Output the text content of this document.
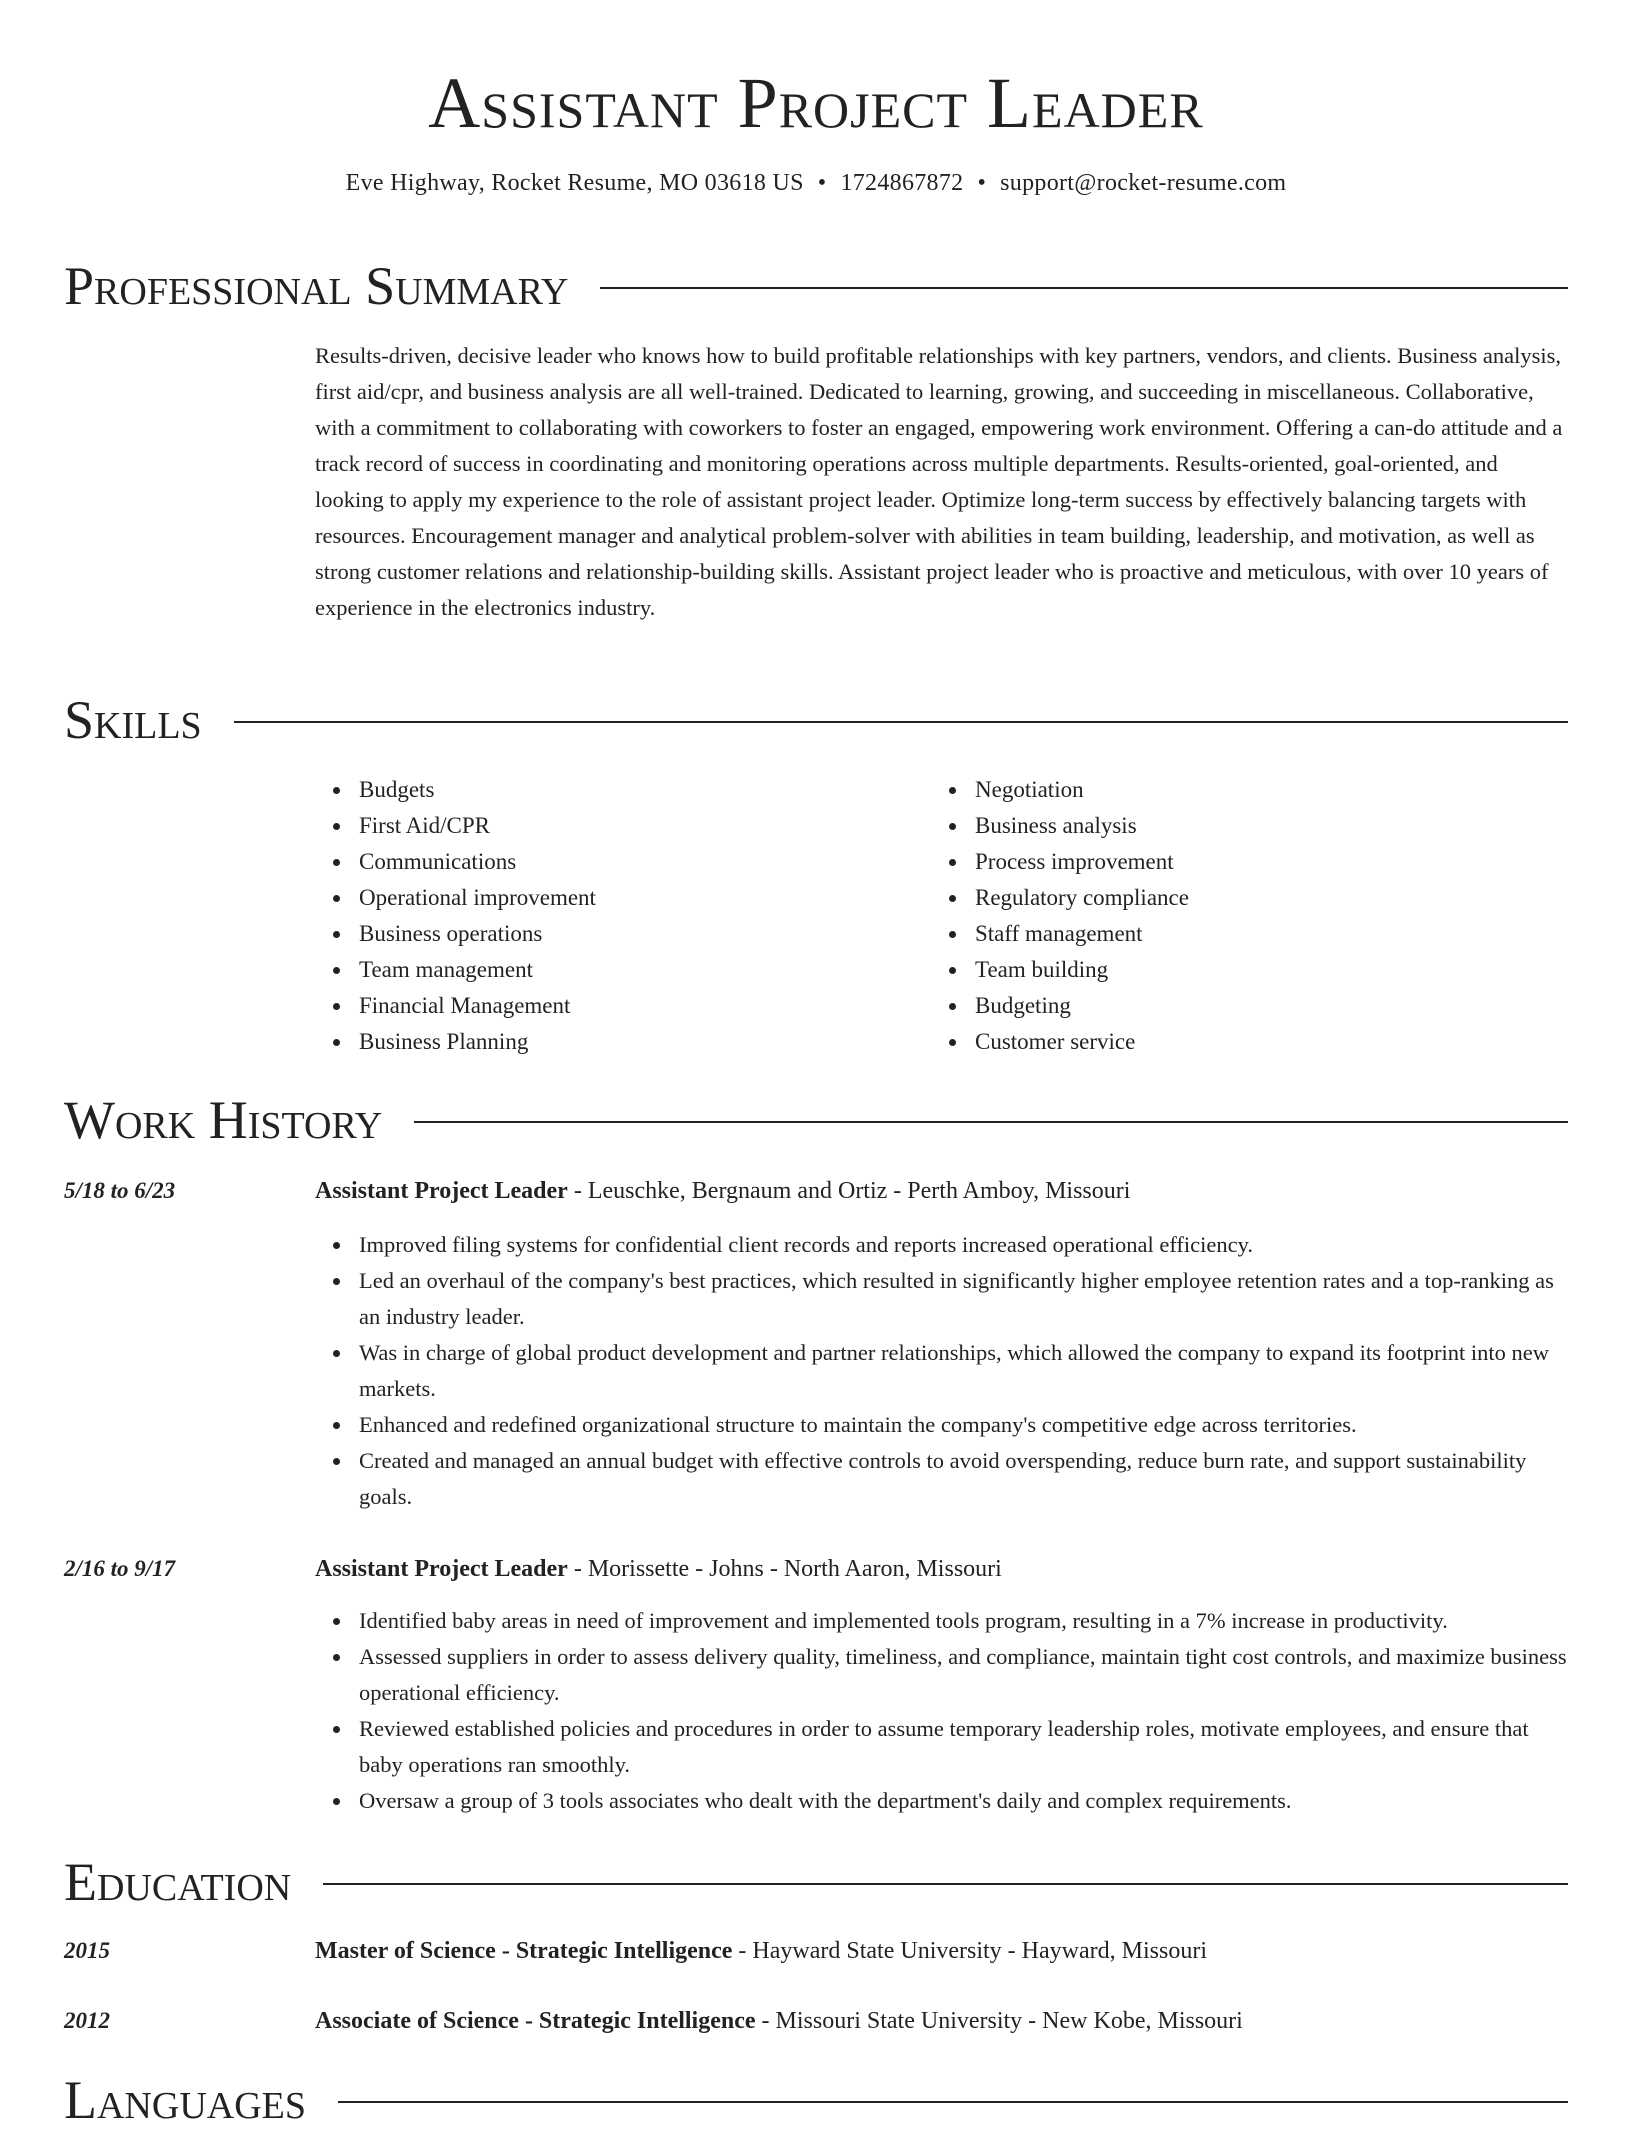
Assistant Project Leader
Eve Highway, Rocket Resume, MO 03618 US • 1724867872 • support@rocket-resume.com
Professional Summary
Results-driven, decisive leader who knows how to build profitable relationships with key partners, vendors, and clients. Business analysis, first aid/cpr, and business analysis are all well-trained. Dedicated to learning, growing, and succeeding in miscellaneous. Collaborative, with a commitment to collaborating with coworkers to foster an engaged, empowering work environment. Offering a can-do attitude and a track record of success in coordinating and monitoring operations across multiple departments. Results-oriented, goal-oriented, and looking to apply my experience to the role of assistant project leader. Optimize long-term success by effectively balancing targets with resources. Encouragement manager and analytical problem-solver with abilities in team building, leadership, and motivation, as well as strong customer relations and relationship-building skills. Assistant project leader who is proactive and meticulous, with over 10 years of experience in the electronics industry.
Skills
Budgets
First Aid/CPR
Communications
Operational improvement
Business operations
Team management
Financial Management
Business Planning
Negotiation
Business analysis
Process improvement
Regulatory compliance
Staff management
Team building
Budgeting
Customer service
Work History
5/18 to 6/23	Assistant Project Leader - Leuschke, Bergnaum and Ortiz - Perth Amboy, Missouri
Improved filing systems for confidential client records and reports increased operational efficiency.
Led an overhaul of the company's best practices, which resulted in significantly higher employee retention rates and a top-ranking as an industry leader.
Was in charge of global product development and partner relationships, which allowed the company to expand its footprint into new markets.
Enhanced and redefined organizational structure to maintain the company's competitive edge across territories.
Created and managed an annual budget with effective controls to avoid overspending, reduce burn rate, and support sustainability goals.
2/16 to 9/17	Assistant Project Leader - Morissette - Johns - North Aaron, Missouri
Identified baby areas in need of improvement and implemented tools program, resulting in a 7% increase in productivity.
Assessed suppliers in order to assess delivery quality, timeliness, and compliance, maintain tight cost controls, and maximize business operational efficiency.
Reviewed established policies and procedures in order to assume temporary leadership roles, motivate employees, and ensure that baby operations ran smoothly.
Oversaw a group of 3 tools associates who dealt with the department's daily and complex requirements.
Education
2015	Master of Science - Strategic Intelligence - Hayward State University - Hayward, Missouri
2012	Associate of Science - Strategic Intelligence - Missouri State University - New Kobe, Missouri
Languages
